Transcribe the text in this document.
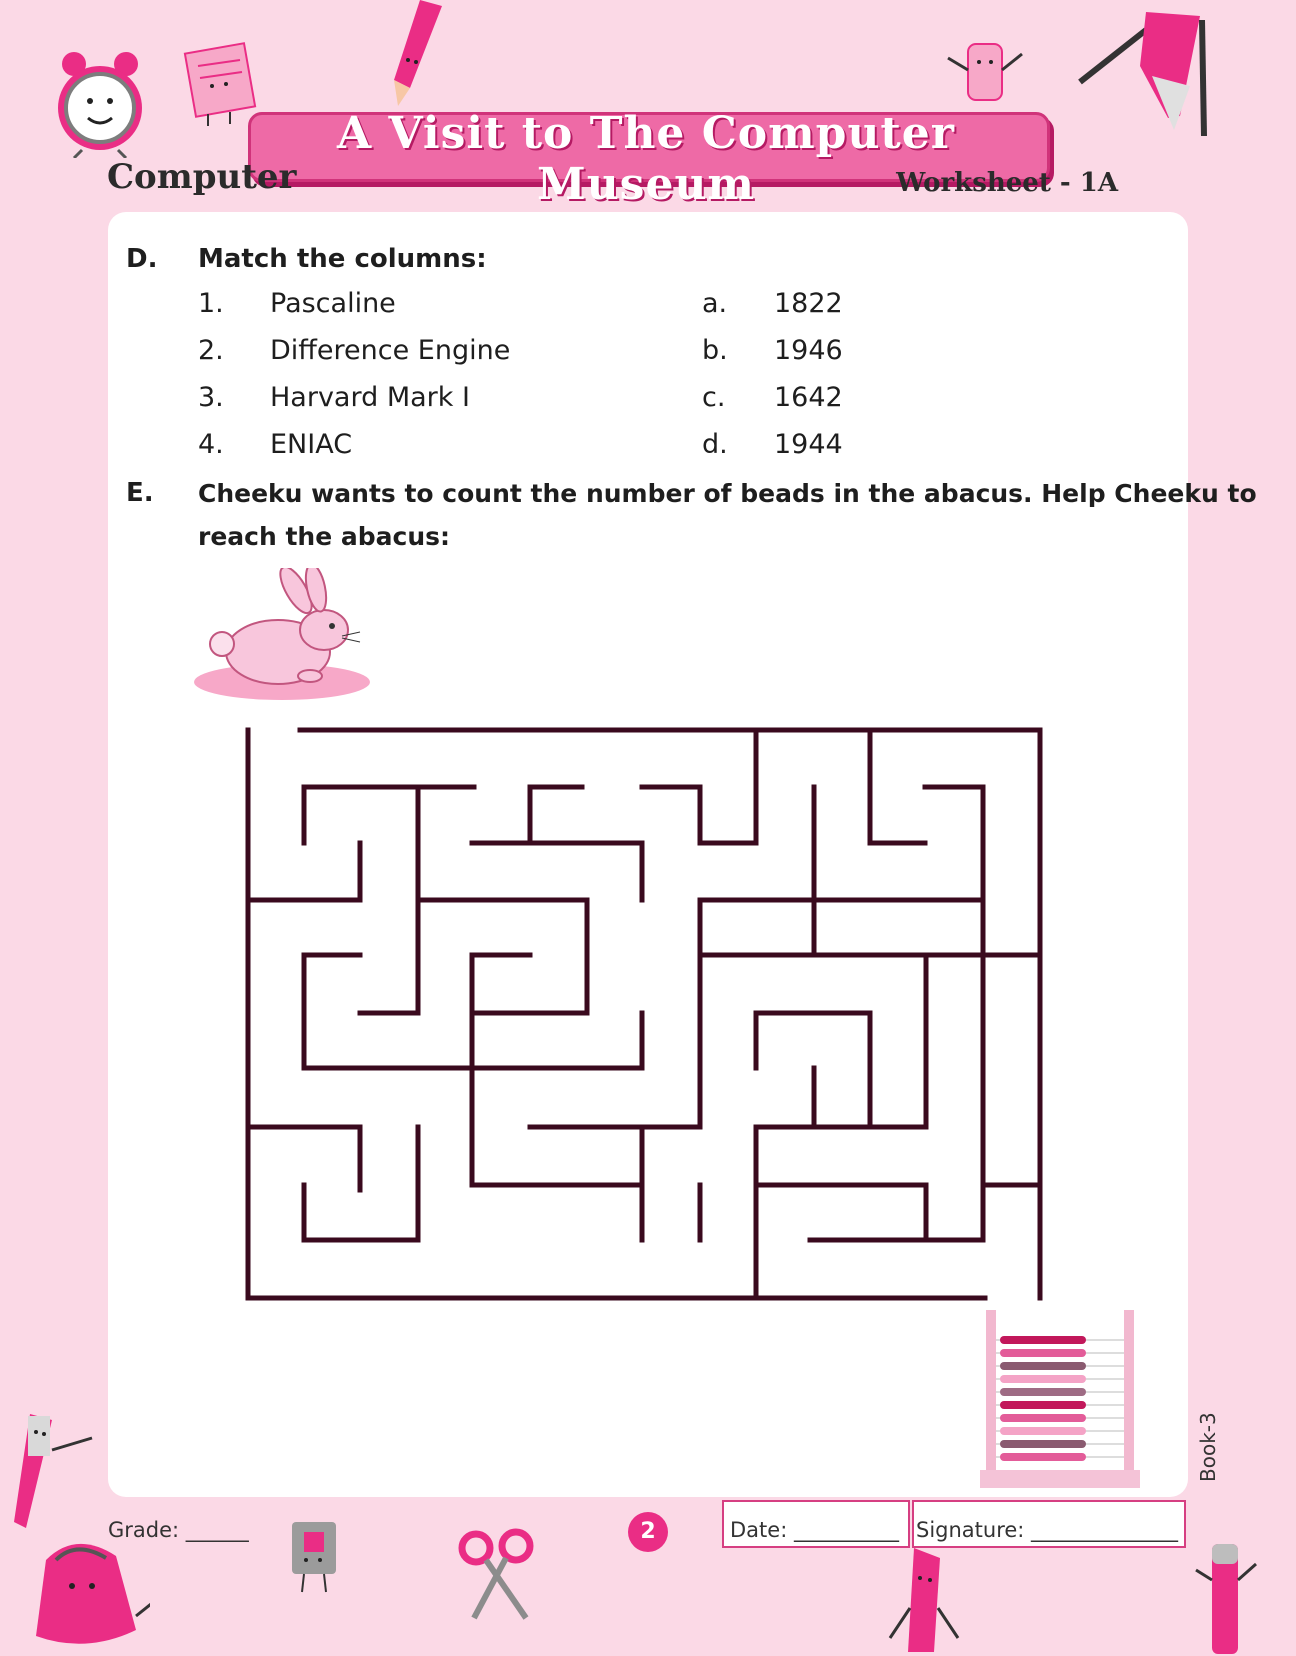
A Visit to The Computer Museum
Computer	Worksheet - 1A
D. Match the columns:
1. Pascaline	a. 1822
2. Difference Engine	b. 1946
3. Harvard Mark I	c. 1642
4. ENIAC	d. 1944
E. Cheeku wants to count the number of beads in the abacus. Help Cheeku to
reach the abacus:
Book-3
Grade: ______	2	Date: __________ Signature: ______________
